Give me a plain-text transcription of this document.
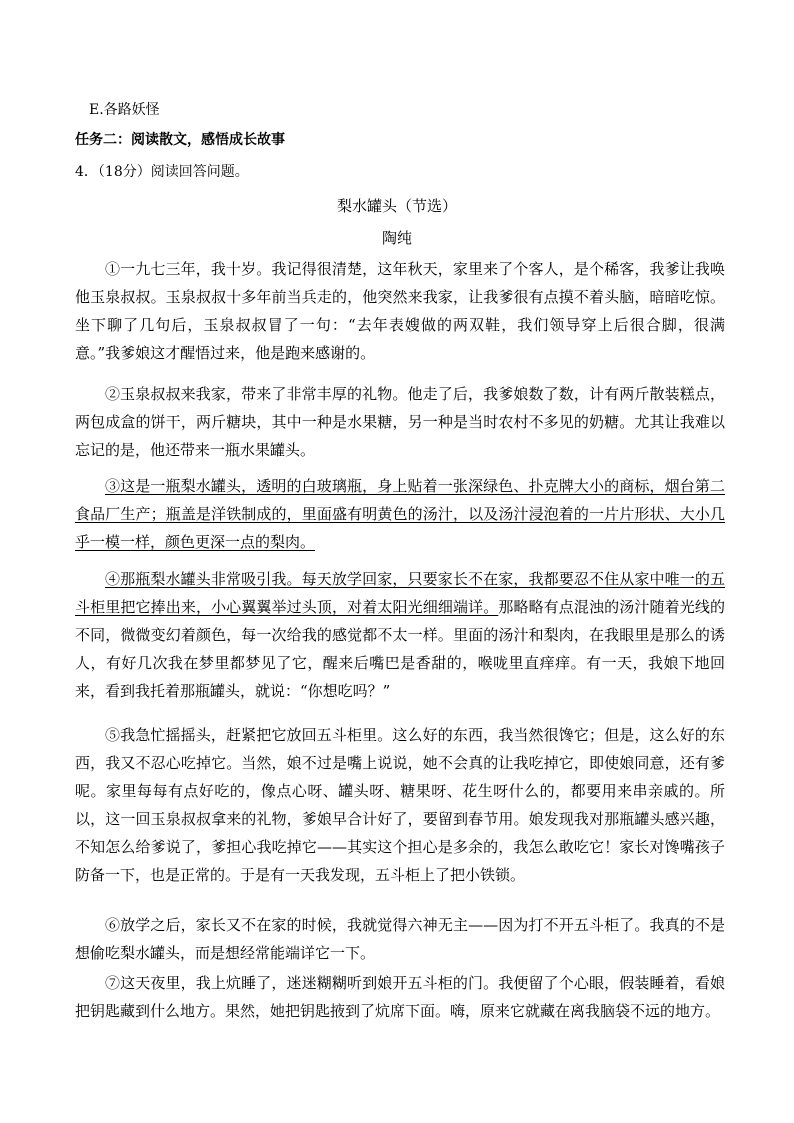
E.各路妖怪
任务二：阅读散文，感悟成长故事
4．（18分）阅读回答问题。
梨水罐头（节选）
陶纯
①一九七三年，我十岁。我记得很清楚，这年秋天，家里来了个客人，是个稀客，我爹让我唤他玉泉叔叔。玉泉叔叔十多年前当兵走的，他突然来我家，让我爹很有点摸不着头脑，暗暗吃惊。坐下聊了几句后，玉泉叔叔冒了一句：“去年表嫂做的两双鞋，我们领导穿上后很合脚，很满意。”我爹娘这才醒悟过来，他是跑来感谢的。
②玉泉叔叔来我家，带来了非常丰厚的礼物。他走了后，我爹娘数了数，计有两斤散装糕点，两包成盒的饼干，两斤糖块，其中一种是水果糖，另一种是当时农村不多见的奶糖。尤其让我难以忘记的是，他还带来一瓶水果罐头。
③这是一瓶梨水罐头，透明的白玻璃瓶，身上贴着一张深绿色、扑克牌大小的商标，烟台第二食品厂生产；瓶盖是洋铁制成的，里面盛有明黄色的汤汁，以及汤汁浸泡着的一片片形状、大小几乎一模一样，颜色更深一点的梨肉。
④那瓶梨水罐头非常吸引我。每天放学回家，只要家长不在家，我都要忍不住从家中唯一的五斗柜里把它捧出来，小心翼翼举过头顶，对着太阳光细细端详。那略略有点混浊的汤汁随着光线的不同，微微变幻着颜色，每一次给我的感觉都不太一样。里面的汤汁和梨肉，在我眼里是那么的诱人，有好几次我在梦里都梦见了它，醒来后嘴巴是香甜的，喉咙里直痒痒。有一天，我娘下地回来，看到我托着那瓶罐头，就说：“你想吃吗？”
⑤我急忙摇摇头，赶紧把它放回五斗柜里。这么好的东西，我当然很馋它；但是，这么好的东西，我又不忍心吃掉它。当然，娘不过是嘴上说说，她不会真的让我吃掉它，即使娘同意，还有爹呢。家里每每有点好吃的，像点心呀、罐头呀、糖果呀、花生呀什么的，都要用来串亲戚的。所以，这一回玉泉叔叔拿来的礼物，爹娘早合计好了，要留到春节用。娘发现我对那瓶罐头感兴趣，不知怎么给爹说了，爹担心我吃掉它——其实这个担心是多余的，我怎么敢吃它！家长对馋嘴孩子防备一下，也是正常的。于是有一天我发现，五斗柜上了把小铁锁。
⑥放学之后，家长又不在家的时候，我就觉得六神无主——因为打不开五斗柜了。我真的不是想偷吃梨水罐头，而是想经常能端详它一下。
⑦这天夜里，我上炕睡了，迷迷糊糊听到娘开五斗柜的门。我便留了个心眼，假装睡着，看娘把钥匙藏到什么地方。果然，她把钥匙掖到了炕席下面。嗨，原来它就藏在离我脑袋不远的地方。
